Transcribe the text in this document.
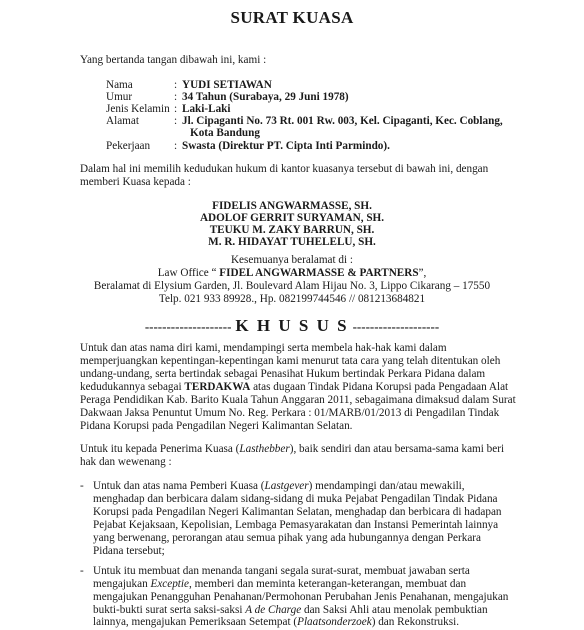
SURAT KUASA
Yang bertanda tangan dibawah ini, kami :
Nama	: YUDI SETIAWAN
Umur	: 34 Tahun (Surabaya, 29 Juni 1978)
Jenis Kelamin : Laki-Laki
Alamat	: Jl. Cipaganti No. 73 Rt. 001 Rw. 003, Kel. Cipaganti, Kec. Coblang,
Kota Bandung
Pekerjaan : Swasta (Direktur PT. Cipta Inti Parmindo).
Dalam hal ini memilih kedudukan hukum di kantor kuasanya tersebut di bawah ini, dengan
memberi Kuasa kepada :
FIDELIS ANGWARMASSE, SH.
ADOLOF GERRIT SURYAMAN, SH.
TEUKU M. ZAKY BARRUN, SH.
M. R. HIDAYAT TUHELELU, SH.
Kesemuanya beralamat di :
Law Office “ FIDEL ANGWARMASSE & PARTNERS”,
Beralamat di Elysium Garden, Jl. Boulevard Alam Hijau No. 3, Lippo Cikarang – 17550
Telp. 021 933 89928., Hp. 082199744546 // 081213684821
-------------------- K H U S U S --------------------
Untuk dan atas nama diri kami, mendampingi serta membela hak-hak kami dalam
memperjuangkan kepentingan-kepentingan kami menurut tata cara yang telah ditentukan oleh
undang-undang, serta bertindak sebagai Penasihat Hukum bertindak Perkara Pidana dalam
kedudukannya sebagai TERDAKWA atas dugaan Tindak Pidana Korupsi pada Pengadaan Alat
Peraga Pendidikan Kab. Barito Kuala Tahun Anggaran 2011, sebagaimana dimaksud dalam Surat
Dakwaan Jaksa Penuntut Umum No. Reg. Perkara : 01/MARB/01/2013 di Pengadilan Tindak
Pidana Korupsi pada Pengadilan Negeri Kalimantan Selatan.
Untuk itu kepada Penerima Kuasa (Lasthebber), baik sendiri dan atau bersama-sama kami beri
hak dan wewenang :
- Untuk dan atas nama Pemberi Kuasa (Lastgever) mendampingi dan/atau mewakili,
menghadap dan berbicara dalam sidang-sidang di muka Pejabat Pengadilan Tindak Pidana
Korupsi pada Pengadilan Negeri Kalimantan Selatan, menghadap dan berbicara di hadapan
Pejabat Kejaksaan, Kepolisian, Lembaga Pemasyarakatan dan Instansi Pemerintah lainnya
yang berwenang, perorangan atau semua pihak yang ada hubungannya dengan Perkara
Pidana tersebut;
- Untuk itu membuat dan menanda tangani segala surat-surat, membuat jawaban serta
mengajukan Exceptie, memberi dan meminta keterangan-keterangan, membuat dan
mengajukan Penangguhan Penahanan/Permohonan Perubahan Jenis Penahanan, mengajukan
bukti-bukti surat serta saksi-saksi A de Charge dan Saksi Ahli atau menolak pembuktian
lainnya, mengajukan Pemeriksaan Setempat (Plaatsonderzoek) dan Rekonstruksi.
